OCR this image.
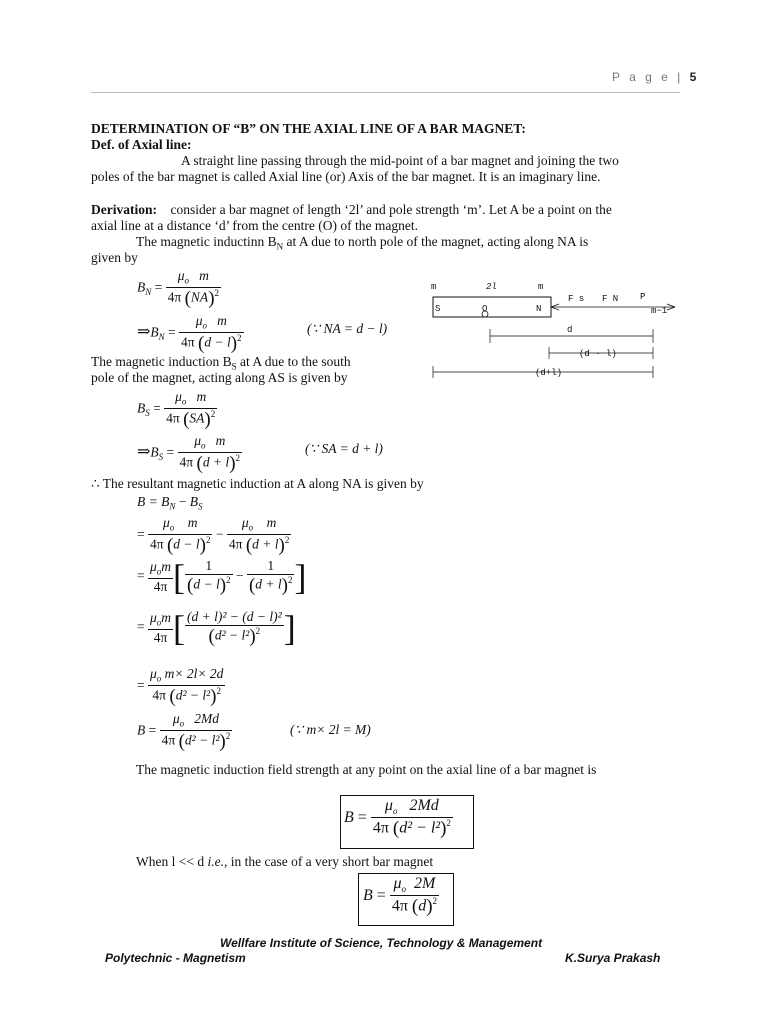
P a g e | 5
DETERMINATION OF “B” ON THE AXIAL LINE OF A BAR MAGNET:
Def. of Axial line:
A straight line passing through the mid-point of a bar magnet and joining the two
poles of the bar magnet is called Axial line (or) Axis of the bar magnet. It is an imaginary line.
Derivation: consider a bar magnet of length ‘2l’ and pole strength ‘m’. Let A be a point on the
axial line at a distance ‘d’ from the centre (O) of the magnet.
The magnetic inductinn $B_N$ at A due to north pole of the magnet, acting along NA is
given by
$B_N = \frac{\mu_o m}{4\pi (NA)^2}$
$\Rightarrow B_N = \frac{\mu_o m}{4\pi (d - l)^2}$	(∵ NA = d − l)
m	2l	m
S	O	N
F s F N P
m−1
d
(d - l)
(d+l)
The magnetic induction $B_S$ at A due to the south
pole of the magnet, acting along AS is given by
$B_S = \frac{\mu_o m}{4\pi (SA)^2}$
$\Rightarrow B_S = \frac{\mu_o m}{4\pi (d + l)^2}$	(∵ SA = d + l)
∴ The resultant magnetic induction at A along NA is given by
$B = B_N - B_S$
= $\frac{\mu_o m}{4\pi (d - l)^2} - \frac{\mu_o m}{4\pi (d + l)^2}$
= $\frac{\mu_om}{4\pi}$ [ $\frac{1}{(d - l)^2} - \frac{1}{(d + l)^2}$ ]
= $\frac{\mu_om}{4\pi}$ [ $\frac{\text{(d + l)² − (d − l)²}}{(d^2 - l^2)^2}$ ]
= $\frac{\mu_o m\times 2l\times 2d}{4\pi (d^2 - l^2)^2}$
$B = \frac{\mu_o 2Md}{4\pi (d^2 - l^2)^2}$	(∵ m× 2l = M)
The magnetic induction field strength at any point on the axial line of a bar magnet is
$B = \frac{\mu_o 2Md}{4\pi (d^2 - l^2)^2}$
When l << d i.e., in the case of a very short bar magnet
$B = \frac{\mu_o 2M}{4\pi (d)^2}$
Wellfare Institute of Science, Technology & Management
Polytechnic - Magnetism	K.Surya Prakash
